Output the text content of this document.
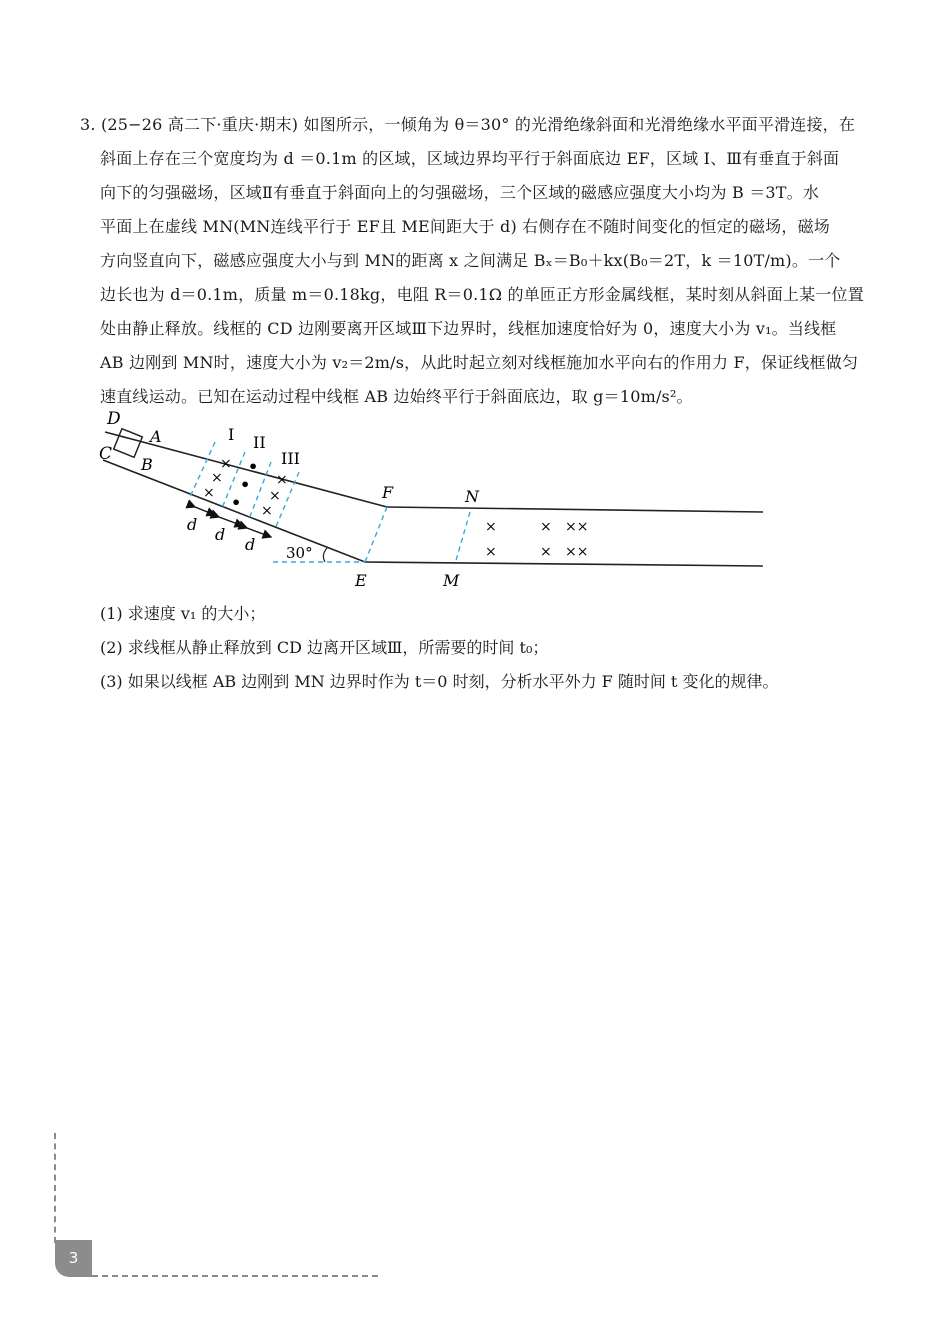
3. (25−26 高二下·重庆·期末) 如图所示，一倾角为 θ＝30° 的光滑绝缘斜面和光滑绝缘水平面平滑连接，在
斜面上存在三个宽度均为 d ＝0.1m 的区域，区域边界均平行于斜面底边 EF，区域 Ⅰ、Ⅲ有垂直于斜面
向下的匀强磁场，区域Ⅱ有垂直于斜面向上的匀强磁场，三个区域的磁感应强度大小均为 B ＝3T。水
平面上在虚线 MN(MN连线平行于 EF且 ME间距大于 d) 右侧存在不随时间变化的恒定的磁场，磁场
方向竖直向下，磁感应强度大小与到 MN的距离 x 之间满足 Bₓ＝B₀＋kx(B₀＝2T，k ＝10T/m)。一个
边长也为 d＝0.1m，质量 m＝0.18kg，电阻 R＝0.1Ω 的单匝正方形金属线框，某时刻从斜面上某一位置
处由静止释放。线框的 CD 边刚要离开区域Ⅲ下边界时，线框加速度恰好为 0，速度大小为 v₁。当线框
AB 边刚到 MN时，速度大小为 v₂＝2m/s，从此时起立刻对线框施加水平向右的作用力 F，保证线框做匀
速直线运动。已知在运动过程中线框 AB 边始终平行于斜面底边，取 g＝10m/s²。
D
A
C
B
I II
III
F	N
E	M
d
d
d 30°
×
×
×
•
•
•
×
×
×
×	× ××
×	× ××
(1) 求速度 v₁ 的大小；
(2) 求线框从静止释放到 CD 边离开区域Ⅲ，所需要的时间 t₀；
(3) 如果以线框 AB 边刚到 MN 边界时作为 t＝0 时刻，分析水平外力 F 随时间 t 变化的规律。
3
